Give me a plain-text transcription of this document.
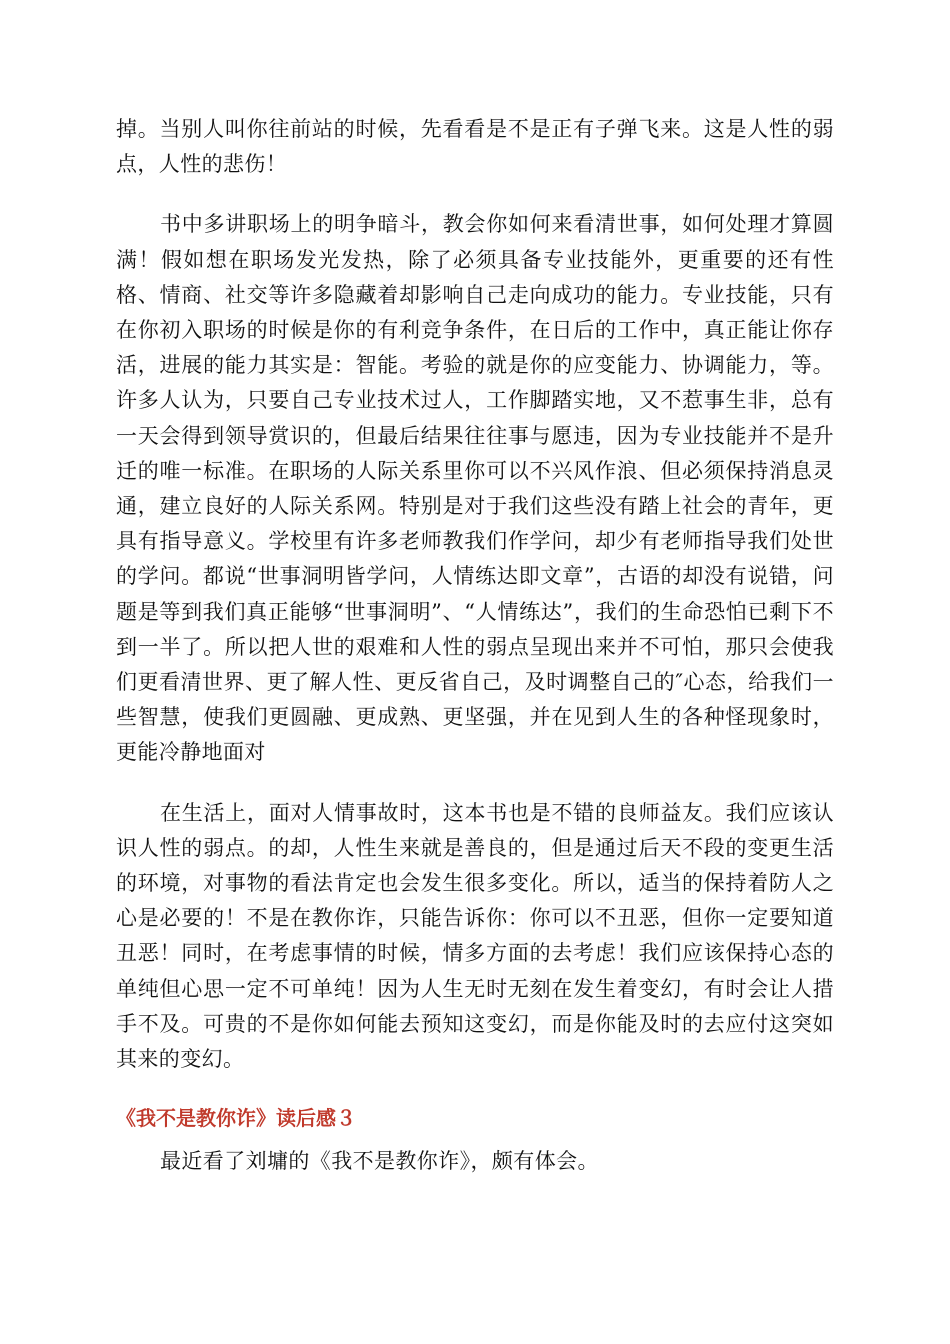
掉。当别人叫你往前站的时候，先看看是不是正有子弹飞来。这是人性的弱点，人性的悲伤！

书中多讲职场上的明争暗斗，教会你如何来看清世事，如何处理才算圆满！假如想在职场发光发热，除了必须具备专业技能外，更重要的还有性格、情商、社交等许多隐藏着却影响自己走向成功的能力。专业技能，只有在你初入职场的时候是你的有利竞争条件，在日后的工作中，真正能让你存活，进展的能力其实是：智能。考验的就是你的应变能力、协调能力，等。许多人认为，只要自己专业技术过人，工作脚踏实地，又不惹事生非，总有一天会得到领导赏识的，但最后结果往往事与愿违，因为专业技能并不是升迁的唯一标准。在职场的人际关系里你可以不兴风作浪、但必须保持消息灵通，建立良好的人际关系网。特别是对于我们这些没有踏上社会的青年，更具有指导意义。学校里有许多老师教我们作学问，却少有老师指导我们处世的学问。都说“世事洞明皆学问，人情练达即文章”，古语的却没有说错，问题是等到我们真正能够“世事洞明”、“人情练达”，我们的生命恐怕已剩下不到一半了。所以把人世的艰难和人性的弱点呈现出来并不可怕，那只会使我们更看清世界、更了解人性、更反省自己，及时调整自己的″心态，给我们一些智慧，使我们更圆融、更成熟、更坚强，并在见到人生的各种怪现象时，更能冷静地面对

在生活上，面对人情事故时，这本书也是不错的良师益友。我们应该认识人性的弱点。的却，人性生来就是善良的，但是通过后天不段的变更生活的环境，对事物的看法肯定也会发生很多变化。所以，适当的保持着防人之心是必要的！不是在教你诈，只能告诉你：你可以不丑恶，但你一定要知道丑恶！同时，在考虑事情的时候，情多方面的去考虑！我们应该保持心态的单纯但心思一定不可单纯！因为人生无时无刻在发生着变幻，有时会让人措手不及。可贵的不是你如何能去预知这变幻，而是你能及时的去应付这突如其来的变幻。

《我不是教你诈》读后感３

最近看了刘墉的《我不是教你诈》，颇有体会。
